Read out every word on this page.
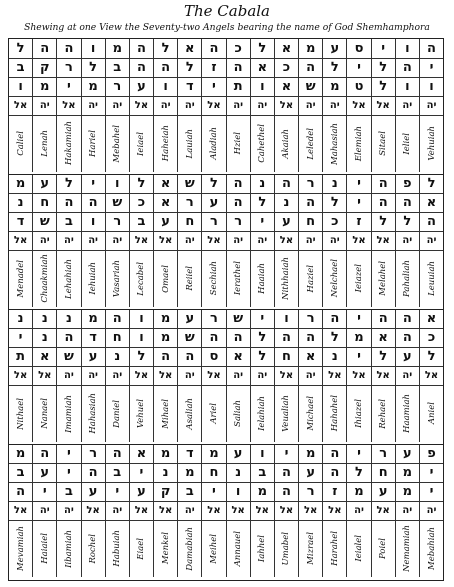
The Cabala
Shewing at one View the Seventy-two Angels bearing the name of God Shemhamphora
ל ה ה ו מ ה ל א ה כ ל א מ ע ס י ו ה
ב ק ר ל ב ה ה ל ז ה א כ ה ל י ל ה י
ו מ י מ ר ע ו ד י ת ו א ש מ ט ל ו ו
אל יה אל יה יה אל יה יה אל יה יה אל יה יה אל אל יה יה
Caliel Lenah Hakamiah Hariel Mebahel Ieiael Haheiah Lauiah Aladiah Hziel Cahethel Akaiah Leledel Mahasiah Elemiah Sitael Ieliel Vehuiah
מ ע ל י ו ל א ש ל ה נ ה ר נ י ה פ ל
נ ח ה ה ש כ א ר ע ה ל נ ה ל י ה ה א
ד ש ב ו ר ב ע ח ר ר י ע ח כ ז ל ל ה
אל יה יה יה יה אל אל יה אל יה יה אל יה יה אל אל יה יה
Menadel Chaakmiah Lehahiah Iehuiah Vasariah Lecabel Omael Reiiel Sechiah Ierathel Haaiah Nithhaiah Haziel Nelchael Ieiazel Melahel Pahaliah Leuuiah
נ נ נ מ ה ו מ ע ר ש י ו ר ה י ה ה א
י נ ה ד ח ו מ ש ה ה ל ה ה ל מ א ה כ
ת א ש ע נ ל ה ה ס א ל ח א נ י ל ע ל
אל אל יה יה יה אל אל יה אל יה יה אל יה אל אל אל יה אל
Nithael Nanael Imamiah Hahasiah Daniel Vehuel Mihael Asaliah Ariel Saliah Ielahiah Veualiah Michael Hahahel Ihiazel Rehael Haamiah Aniel
מ ה י ר ה א מ ד מ ע ו י מ ה י ר ע פ
ב ע י ה ב י נ מ ח נ ב ה ע ה ל ח מ י
ה י ב ע י ע ק ב י ו מ ה ר ז מ ע מ י
אל יה יה אל יה אל אל יה אל אל אל אל אל אל יה אל יה יה
Mevamiah Haiaiel Iibamiah Rochel Habuiah Eiael Menkel Damabiah Meihel Annauel Iahhel Umabel Mizrael Harahel Ieialel Poiel Nemamiah Mebahiah
